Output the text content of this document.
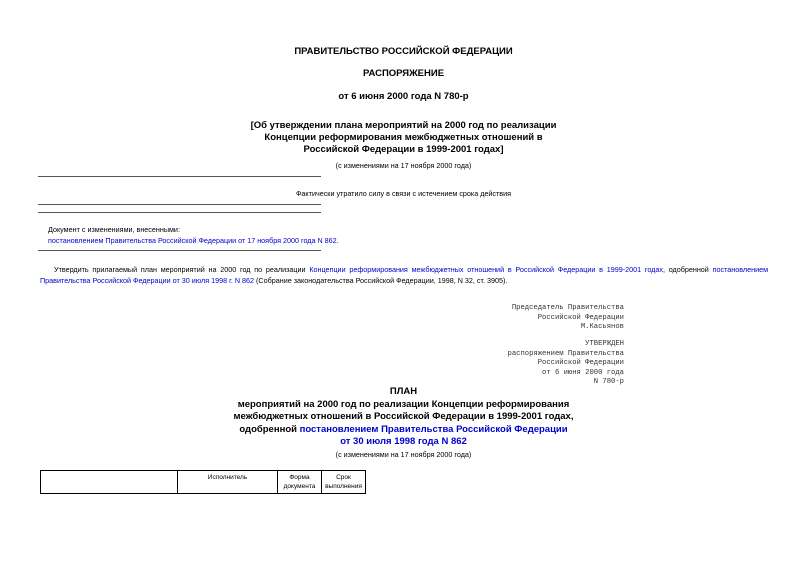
ПРАВИТЕЛЬСТВО РОССИЙСКОЙ ФЕДЕРАЦИИ
РАСПОРЯЖЕНИЕ
от 6 июня 2000 года N 780-р
[Об утверждении плана мероприятий на 2000 год по реализации
Концепции реформирования межбюджетных отношений в
Российской Федерации в 1999-2001 годах]
(с изменениями на 17 ноября 2000 года)
Фактически утратило силу в связи с истечением срока действия
Документ с изменениями, внесенными:
постановлением Правительства Российской Федерации от 17 ноября 2000 года N 862.
Утвердить прилагаемый план мероприятий на 2000 год по реализации Концепции реформирования межбюджетных отношений в Российской Федерации в 1999-2001 годах, одобренной постановлением Правительства Российской Федерации от 30 июля 1998 г. N 862 (Собрание законодательства Российской Федерации, 1998, N 32, ст. 3905).
Председатель Правительства
Российской Федерации
М.Касьянов
УТВЕРЖДЕН
распоряжением Правительства
Российской Федерации
от 6 июня 2000 года
N 780-р
ПЛАН
мероприятий на 2000 год по реализации Концепции реформирования
межбюджетных отношений в Российской Федерации в 1999-2001 годах,
одобренной постановлением Правительства Российской Федерации
от 30 июля 1998 года N 862
(с изменениями на 17 ноября 2000 года)
	Исполнитель	Форма документа	Срок выполнения
